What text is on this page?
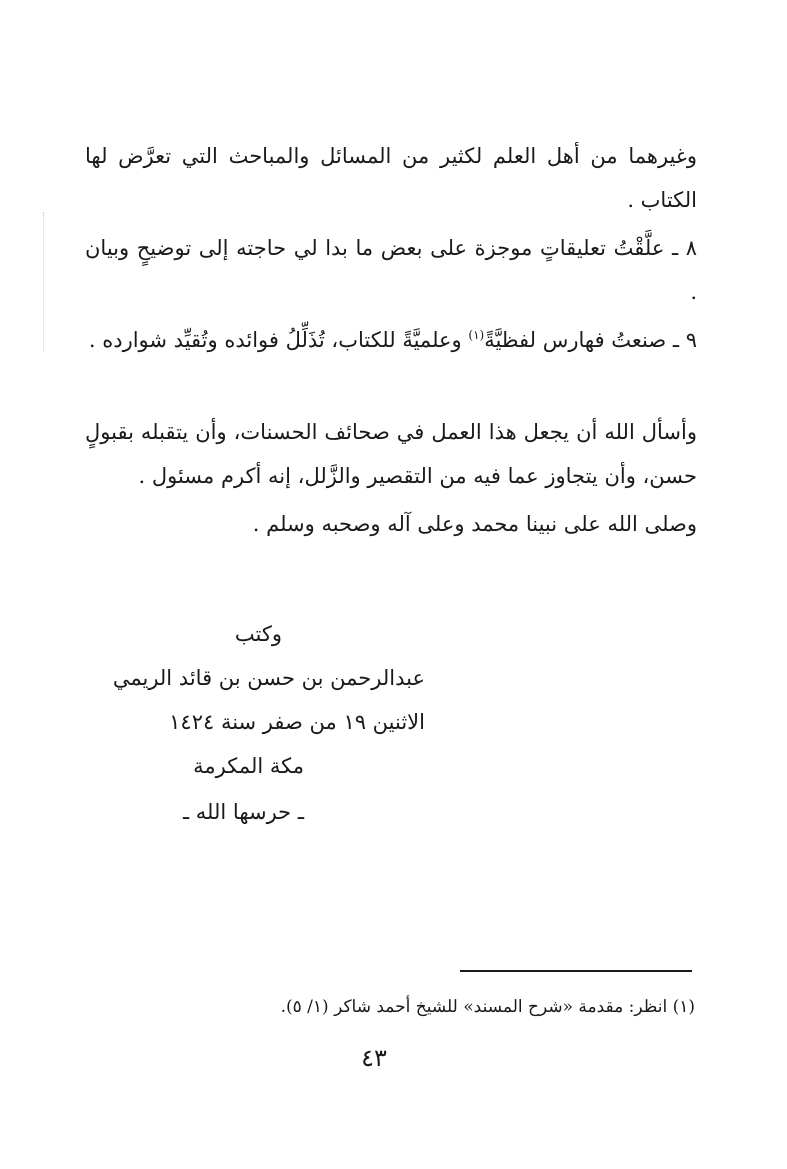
وغيرهما من أهل العلم لكثير من المسائل والمباحث التي تعرَّض لها الكتاب .

٨ ـ علَّقْتُ تعليقاتٍ موجزة على بعض ما بدا لي حاجته إلى توضيحٍ وبيان .

٩ ـ صنعتُ فهارس لفظيَّةً$^{(١)}$ وعلميَّةً للكتاب، تُذَلِّلُ فوائده وتُقيِّد شوارده .

وأسأل الله أن يجعل هذا العمل في صحائف الحسنات، وأن يتقبله بقبولٍ حسن، وأن يتجاوز عما فيه من التقصير والزَّلل، إنه أكرم مسئول .

وصلى الله على نبينا محمد وعلى آله وصحبه وسلم .

وكتب
عبدالرحمن بن حسن بن قائد الريمي
الاثنين ١٩ من صفر سنة ١٤٢٤
مكة المكرمة
ـ حرسها الله ـ
(١) انظر: مقدمة «شرح المسند» للشيخ أحمد شاكر (١/ ٥).
٤٣
